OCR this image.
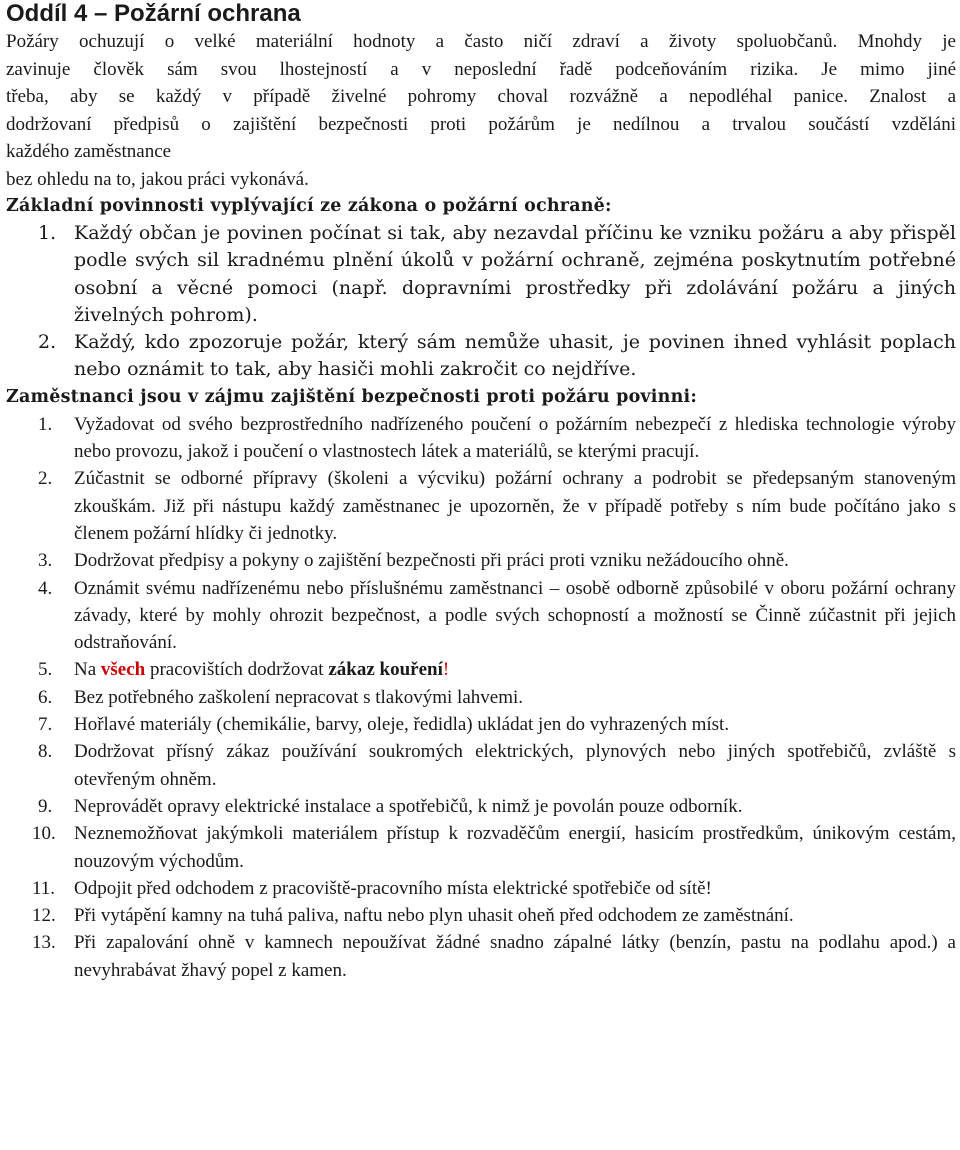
Oddíl 4 – Požární ochrana

Požáry ochuzují o velké materiální hodnoty a často ničí zdraví a životy spoluobčanů. Mnohdy je
zavinuje člověk sám svou lhostejností a v neposlední řadě podceňováním rizika. Je mimo jiné
třeba, aby se každý v případě živelné pohromy choval rozvážně a nepodléhal panice. Znalost a
dodržovaní předpisů o zajištění bezpečnosti proti požárům je nedílnou a trvalou součástí vzděláni
každého zaměstnance
bez ohledu na to, jakou práci vykonává.

Základní povinnosti vyplývající ze zákona o požární ochraně:
1. Každý občan je povinen počínat si tak, aby nezavdal příčinu ke vzniku požáru a aby přispěl podle svých sil kradnému plnění úkolů v požární ochraně, zejména poskytnutím potřebné osobní a věcné pomoci (např. dopravními prostředky při zdolávání požáru a jiných živelných pohrom).
2. Každý, kdo zpozoruje požár, který sám nemůže uhasit, je povinen ihned vyhlásit poplach nebo oznámit to tak, aby hasiči mohli zakročit co nejdříve.
Zaměstnanci jsou v zájmu zajištění bezpečnosti proti požáru povinni:
1. Vyžadovat od svého bezprostředního nadřízeného poučení o požárním nebezpečí z hlediska technologie výroby nebo provozu, jakož i poučení o vlastnostech látek a materiálů, se kterými pracují.
2. Zúčastnit se odborné přípravy (školeni a výcviku) požární ochrany a podrobit se předepsaným stanoveným zkouškám. Již při nástupu každý zaměstnanec je upozorněn, že v případě potřeby s ním bude počítáno jako s členem požární hlídky či jednotky.
3. Dodržovat předpisy a pokyny o zajištění bezpečnosti při práci proti vzniku nežádoucího ohně.
4. Oznámit svému nadřízenému nebo příslušnému zaměstnanci – osobě odborně způsobilé v oboru požární ochrany závady, které by mohly ohrozit bezpečnost, a podle svých schopností a možností se Činně zúčastnit při jejich odstraňování.
5. Na všech pracovištích dodržovat zákaz kouření!
6. Bez potřebného zaškolení nepracovat s tlakovými lahvemi.
7. Hořlavé materiály (chemikálie, barvy, oleje, ředidla) ukládat jen do vyhrazených míst.
8. Dodržovat přísný zákaz používání soukromých elektrických, plynových nebo jiných spotřebičů, zvláště s otevřeným ohněm.
9. Neprovádět opravy elektrické instalace a spotřebičů, k nimž je povolán pouze odborník.
10. Neznemožňovat jakýmkoli materiálem přístup k rozvaděčům energií, hasicím prostředkům, únikovým cestám, nouzovým východům.
11. Odpojit před odchodem z pracoviště-pracovního místa elektrické spotřebiče od sítě!
12. Při vytápění kamny na tuhá paliva, naftu nebo plyn uhasit oheň před odchodem ze zaměstnání.
13. Při zapalování ohně v kamnech nepoužívat žádné snadno zápalné látky (benzín, pastu na podlahu apod.) a nevyhrabávat žhavý popel z kamen.
